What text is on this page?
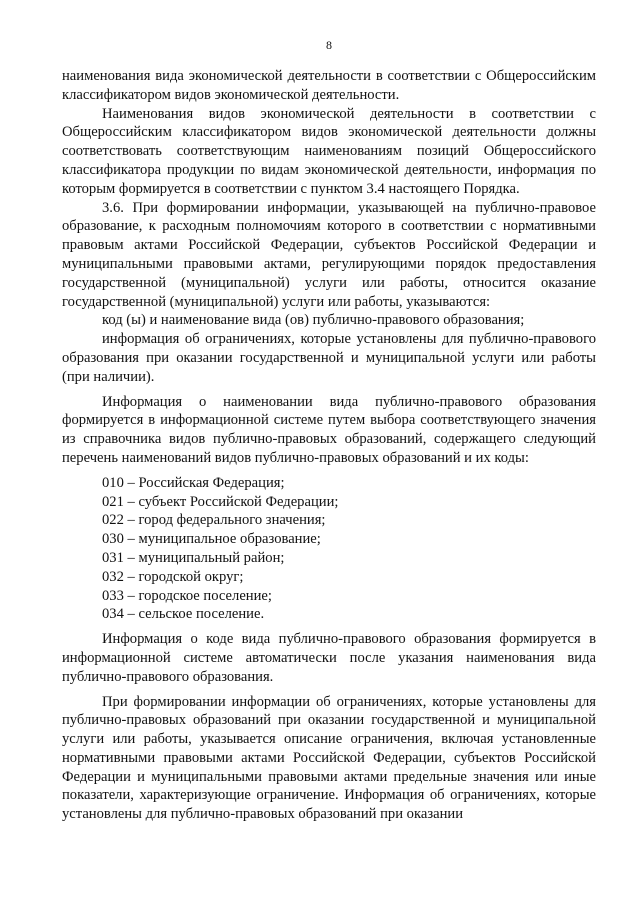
8

наименования вида экономической деятельности в соответствии с Общероссийским классификатором видов экономической деятельности.

Наименования видов экономической деятельности в соответствии с Общероссийским классификатором видов экономической деятельности должны соответствовать соответствующим наименованиям позиций Общероссийского классификатора продукции по видам экономической деятельности, информация по которым формируется в соответствии с пунктом 3.4 настоящего Порядка.

3.6. При формировании информации, указывающей на публично-правовое образование, к расходным полномочиям которого в соответствии с нормативными правовым актами Российской Федерации, субъектов Российской Федерации и муниципальными правовыми актами, регулирующими порядок предоставления государственной (муниципальной) услуги или работы, относится оказание государственной (муниципальной) услуги или работы, указываются:

код (ы) и наименование вида (ов) публично-правового образования;

информация об ограничениях, которые установлены для публично-правового образования при оказании государственной и муниципальной услуги или работы (при наличии).

Информация о наименовании вида публично-правового образования формируется в информационной системе путем выбора соответствующего значения из справочника видов публично-правовых образований, содержащего следующий перечень наименований видов публично-правовых образований и их коды:

010 – Российская Федерация;

021 – субъект Российской Федерации;

022 – город федерального значения;

030 – муниципальное образование;

031 – муниципальный район;

032 – городской округ;

033 – городское поселение;

034 – сельское поселение.

Информация о коде вида публично-правового образования формируется в информационной системе автоматически после указания наименования вида публично-правового образования.

При формировании информации об ограничениях, которые установлены для публично-правовых образований при оказании государственной и муниципальной услуги или работы, указывается описание ограничения, включая установленные нормативными правовыми актами Российской Федерации, субъектов Российской Федерации и муниципальными правовыми актами предельные значения или иные показатели, характеризующие ограничение. Информация об ограничениях, которые установлены для публично-правовых образований при оказании
